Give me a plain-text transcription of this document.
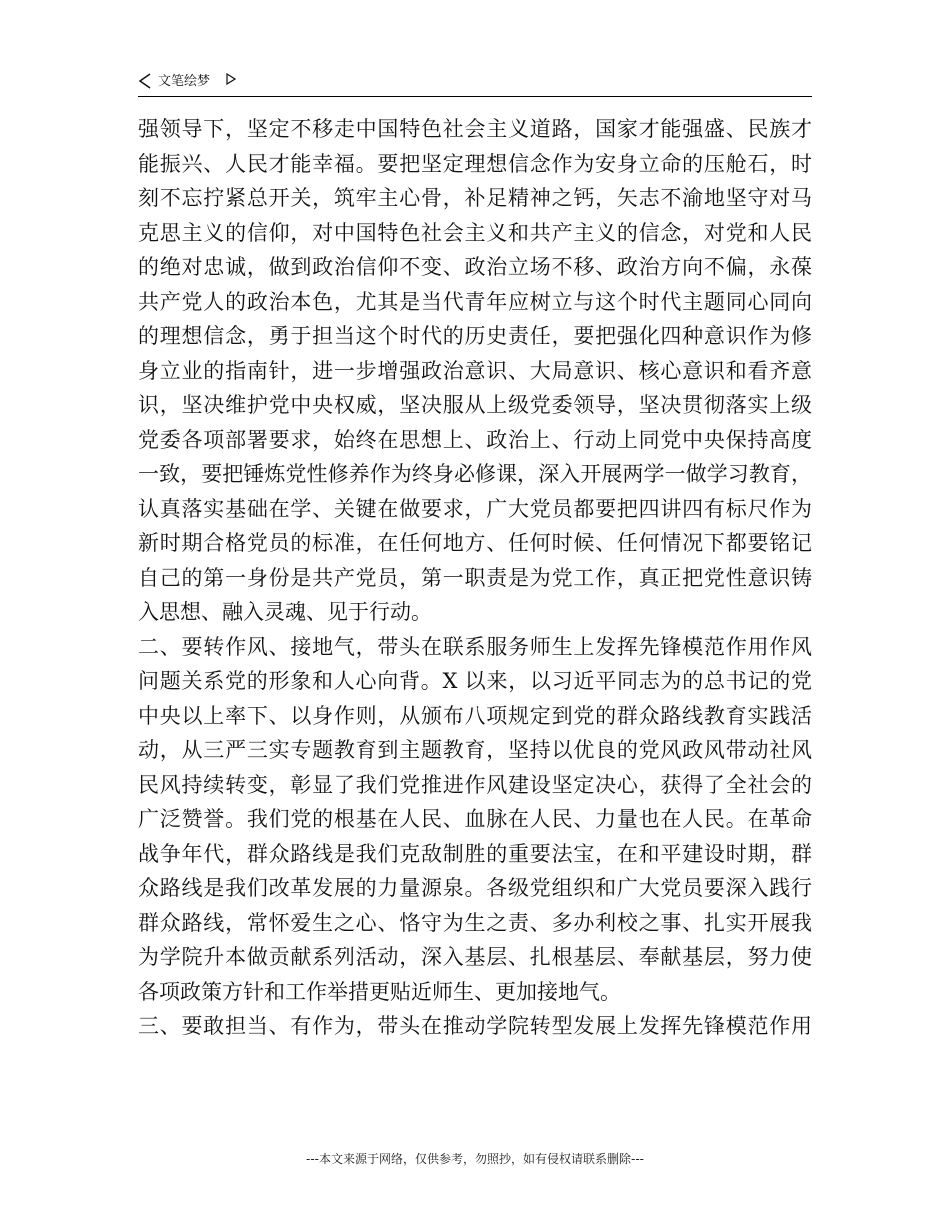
文笔绘梦
强领导下，坚定不移走中国特色社会主义道路，国家才能强盛、民族才
能振兴、人民才能幸福。要把坚定理想信念作为安身立命的压舱石，时
刻不忘拧紧总开关，筑牢主心骨，补足精神之钙，矢志不渝地坚守对马
克思主义的信仰，对中国特色社会主义和共产主义的信念，对党和人民
的绝对忠诚，做到政治信仰不变、政治立场不移、政治方向不偏，永葆
共产党人的政治本色，尤其是当代青年应树立与这个时代主题同心同向
的理想信念，勇于担当这个时代的历史责任，要把强化四种意识作为修
身立业的指南针，进一步增强政治意识、大局意识、核心意识和看齐意
识，坚决维护党中央权威，坚决服从上级党委领导，坚决贯彻落实上级
党委各项部署要求，始终在思想上、政治上、行动上同党中央保持高度
一致，要把锤炼党性修养作为终身必修课，深入开展两学一做学习教育，
认真落实基础在学、关键在做要求，广大党员都要把四讲四有标尺作为
新时期合格党员的标准，在任何地方、任何时候、任何情况下都要铭记
自己的第一身份是共产党员，第一职责是为党工作，真正把党性意识铸
入思想、融入灵魂、见于行动。
二、要转作风、接地气，带头在联系服务师生上发挥先锋模范作用作风
问题关系党的形象和人心向背。X 以来，以习近平同志为的总书记的党
中央以上率下、以身作则，从颁布八项规定到党的群众路线教育实践活
动，从三严三实专题教育到主题教育，坚持以优良的党风政风带动社风
民风持续转变，彰显了我们党推进作风建设坚定决心，获得了全社会的
广泛赞誉。我们党的根基在人民、血脉在人民、力量也在人民。在革命
战争年代，群众路线是我们克敌制胜的重要法宝，在和平建设时期，群
众路线是我们改革发展的力量源泉。各级党组织和广大党员要深入践行
群众路线，常怀爱生之心、恪守为生之责、多办利校之事、扎实开展我
为学院升本做贡献系列活动，深入基层、扎根基层、奉献基层，努力使
各项政策方针和工作举措更贴近师生、更加接地气。
三、要敢担当、有作为，带头在推动学院转型发展上发挥先锋模范作用
---本文来源于网络，仅供参考，勿照抄，如有侵权请联系删除---
